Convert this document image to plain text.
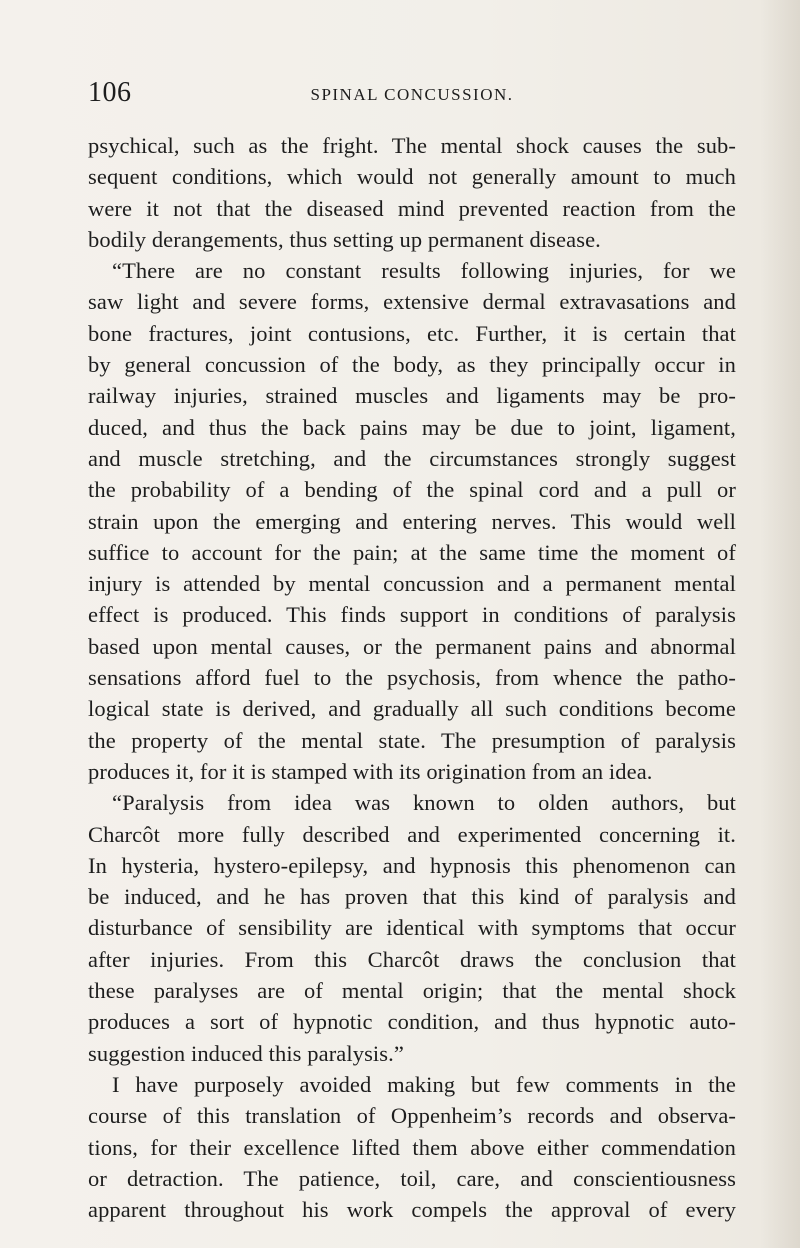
106	SPINAL CONCUSSION.
psychical, such as the fright. The mental shock causes the sub-
sequent conditions, which would not generally amount to much
were it not that the diseased mind prevented reaction from the
bodily derangements, thus setting up permanent disease.
“There are no constant results following injuries, for we
saw light and severe forms, extensive dermal extravasations and
bone fractures, joint contusions, etc. Further, it is certain that
by general concussion of the body, as they principally occur in
railway injuries, strained muscles and ligaments may be pro-
duced, and thus the back pains may be due to joint, ligament,
and muscle stretching, and the circumstances strongly suggest
the probability of a bending of the spinal cord and a pull or
strain upon the emerging and entering nerves. This would well
suffice to account for the pain; at the same time the moment of
injury is attended by mental concussion and a permanent mental
effect is produced. This finds support in conditions of paralysis
based upon mental causes, or the permanent pains and abnormal
sensations afford fuel to the psychosis, from whence the patho-
logical state is derived, and gradually all such conditions become
the property of the mental state. The presumption of paralysis
produces it, for it is stamped with its origination from an idea.
“Paralysis from idea was known to olden authors, but
Charcôt more fully described and experimented concerning it.
In hysteria, hystero-epilepsy, and hypnosis this phenomenon can
be induced, and he has proven that this kind of paralysis and
disturbance of sensibility are identical with symptoms that occur
after injuries. From this Charcôt draws the conclusion that
these paralyses are of mental origin; that the mental shock
produces a sort of hypnotic condition, and thus hypnotic auto-
suggestion induced this paralysis.”
I have purposely avoided making but few comments in the
course of this translation of Oppenheim’s records and observa-
tions, for their excellence lifted them above either commendation
or detraction. The patience, toil, care, and conscientiousness
apparent throughout his work compels the approval of every
